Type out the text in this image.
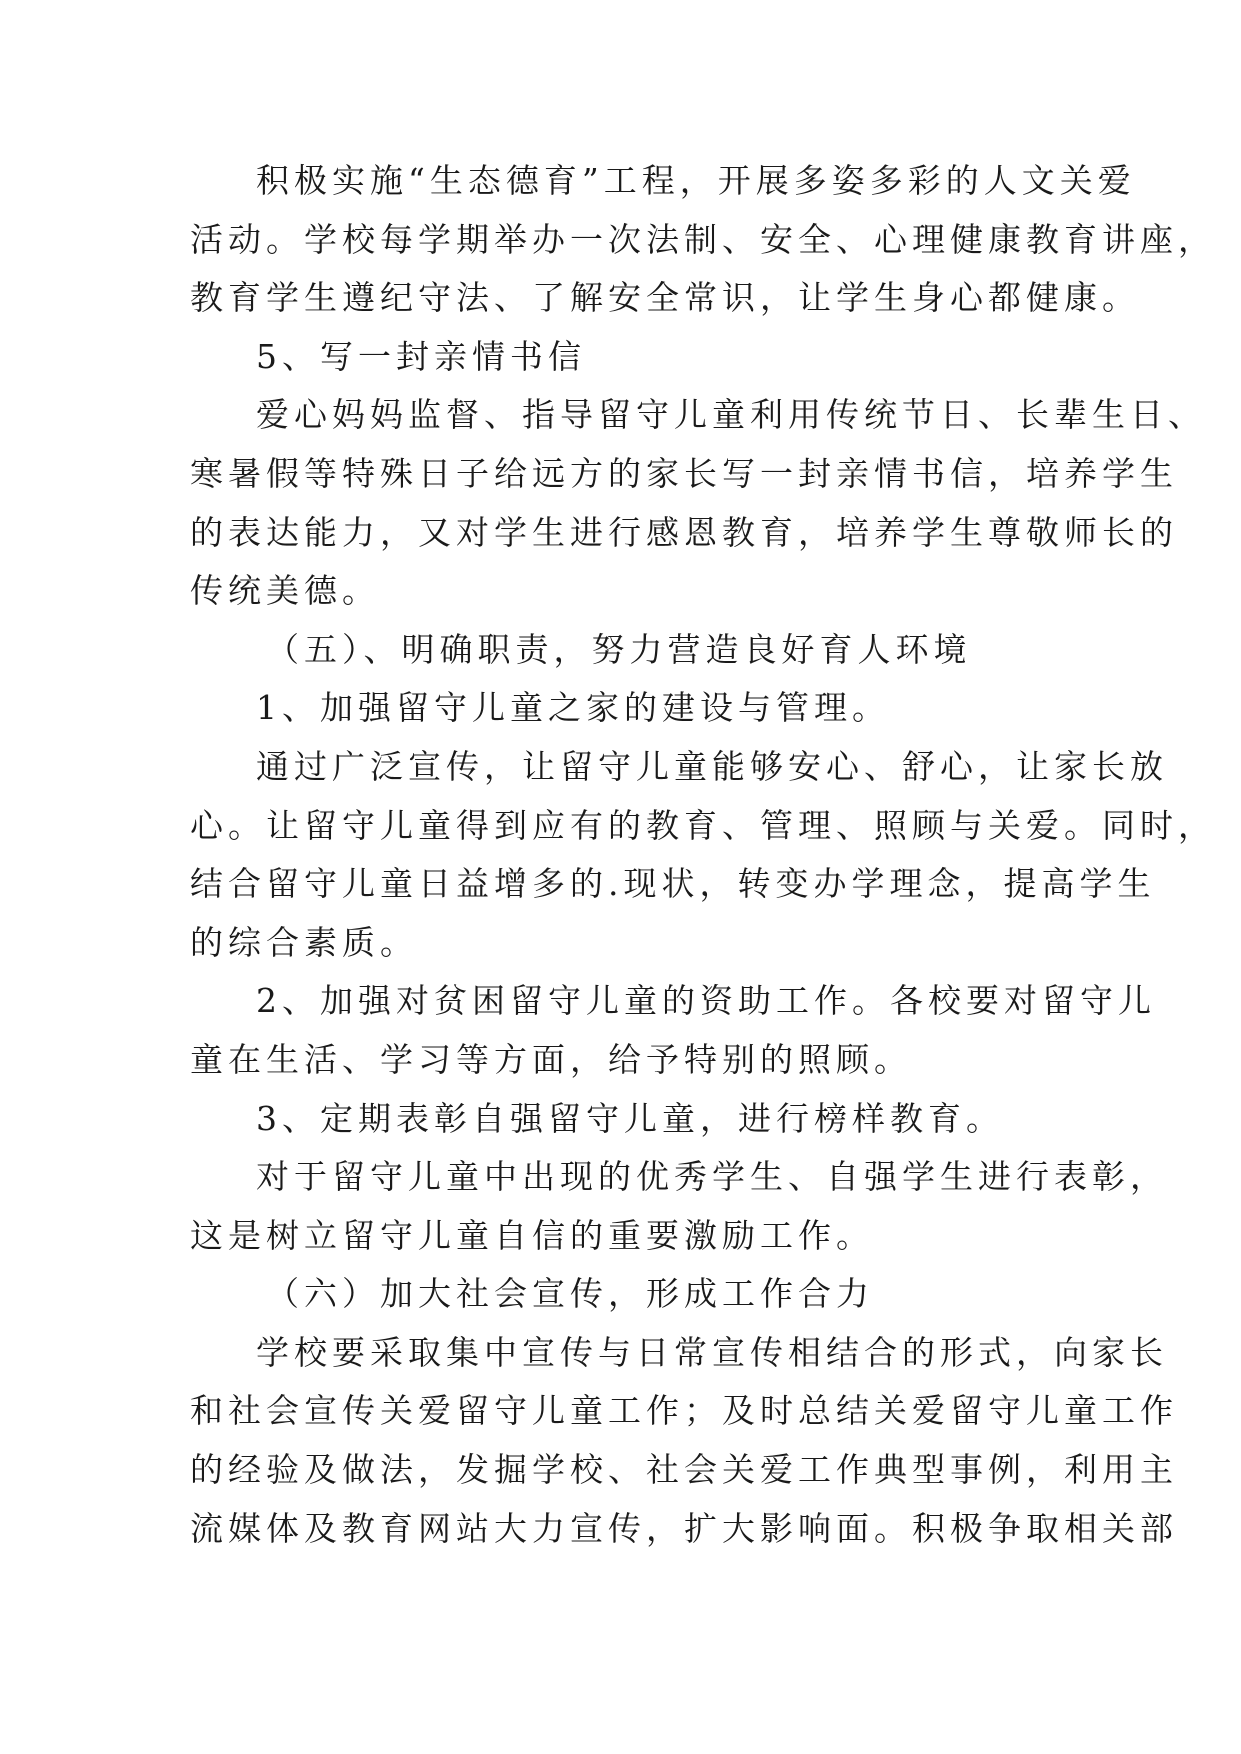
积极实施“生态德育”工程，开展多姿多彩的人文关爱
活动。学校每学期举办一次法制、安全、心理健康教育讲座，
教育学生遵纪守法、了解安全常识，让学生身心都健康。
5、写一封亲情书信
爱心妈妈监督、指导留守儿童利用传统节日、长辈生日、
寒暑假等特殊日子给远方的家长写一封亲情书信，培养学生
的表达能力，又对学生进行感恩教育，培养学生尊敬师长的
传统美德。
（五）、明确职责，努力营造良好育人环境
1、加强留守儿童之家的建设与管理。
通过广泛宣传，让留守儿童能够安心、舒心，让家长放
心。让留守儿童得到应有的教育、管理、照顾与关爱。同时，
结合留守儿童日益增多的.现状，转变办学理念，提高学生
的综合素质。
2、加强对贫困留守儿童的资助工作。各校要对留守儿
童在生活、学习等方面，给予特别的照顾。
3、定期表彰自强留守儿童，进行榜样教育。
对于留守儿童中出现的优秀学生、自强学生进行表彰，
这是树立留守儿童自信的重要激励工作。
（六）加大社会宣传，形成工作合力
学校要采取集中宣传与日常宣传相结合的形式，向家长
和社会宣传关爱留守儿童工作；及时总结关爱留守儿童工作
的经验及做法，发掘学校、社会关爱工作典型事例，利用主
流媒体及教育网站大力宣传，扩大影响面。积极争取相关部
